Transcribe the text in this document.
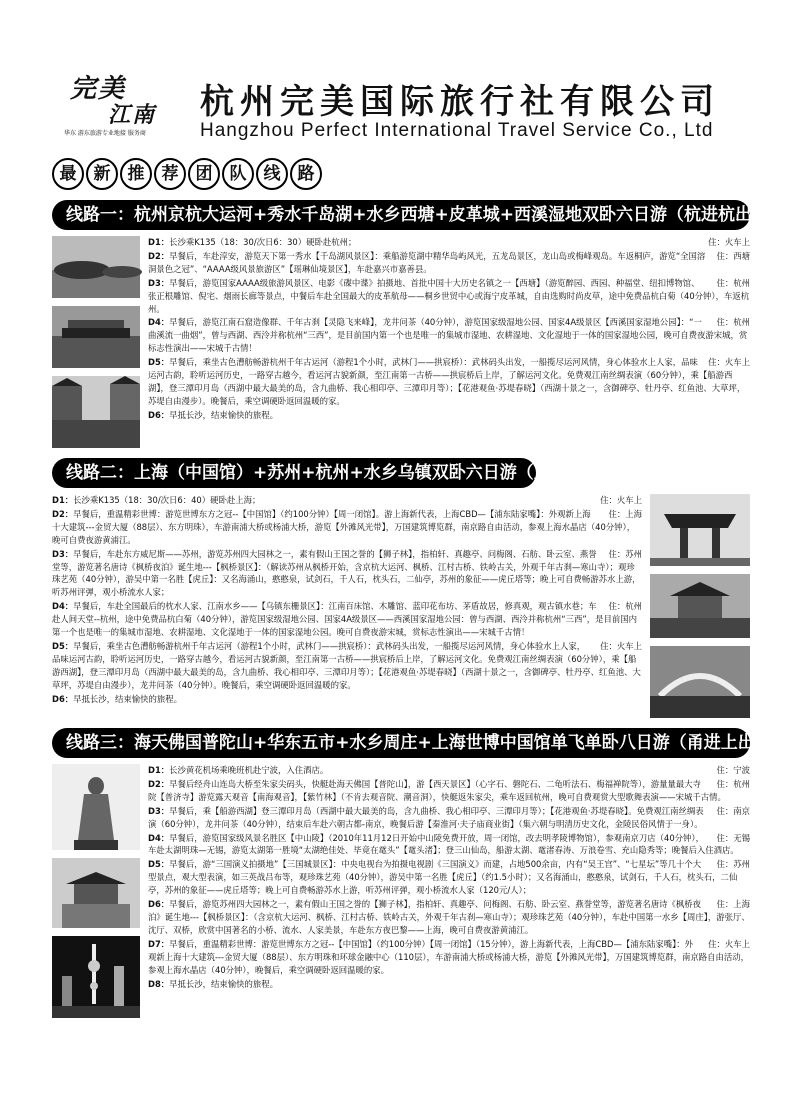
完美
江南
华东 游东旅游专业地接 服务商
杭州完美国际旅行社有限公司
Hangzhou Perfect International Travel Service Co., Ltd
最	新	推	荐	团	队	线	路
线路一：杭州京杭大运河+秀水千岛湖+水乡西塘+皮革城+西溪湿地双卧六日游（杭进杭出）
住：火车上
D1：长沙乘K135（18：30/次日6：30）硬卧赴杭州；
住：西塘
D2：早餐后，车赴淳安，游览天下第一秀水【千岛湖风景区】：乘船游览湖中精华岛屿风光，五龙岛景区，龙山岛或梅峰观岛。车返桐庐，游览“全国溶洞景色之冠”、“AAAA级风景旅游区”【瑶琳仙境景区】，车赴嘉兴市嘉善县。
住：杭州
D3：早餐后，游览国家AAAA级旅游风景区、电影《碟中谍》拍摄地、首批中国十大历史名镇之一【西塘】（游览醉园、西园、种福堂、纽扣博物馆、张正根雕馆、倪宅、烟雨长廊等景点，中餐后车赴全国最大的皮革航母——桐乡世贸中心或海宁皮革城，自由选购时尚皮草，途中免费品杭白菊（40分钟），车返杭州。
住：杭州
D4：早餐后，游览江南石窟造像群、千年古刹【灵隐飞来峰】，龙井问茶（40分钟），游览国家级湿地公园、国家4A级景区【西溪国家湿地公园】：“一曲溪流一曲烟”，曾与西湖、西泠并称杭州“三西”，是目前国内第一个也是唯一的集城市湿地、农耕湿地、文化湿地于一体的国家湿地公园，晚可自费夜游宋城，赏标志性演出——宋城千古情！
住：火车上
D5：早餐后，乘坐古色漕舫畅游杭州千年古运河（游程1个小时，武林门——拱宸桥）：武林码头出发，一船揽尽运河风情，身心体验水上人家，品味运河古韵，聆听运河历史，一路穿古越今，看运河古貌新颜，至江南第一古桥——拱宸桥后上岸，了解运河文化。免费观江南丝绸表演（60分钟），乘【船游西湖】，登三潭印月岛（西湖中最大最美的岛，含九曲桥、我心相印亭、三潭印月等）；【花港观鱼·苏堤春晓】（西湖十景之一，含御碑亭、牡丹亭、红鱼池、大草坪，苏堤自由漫步）。晚餐后，乘空调硬卧返回温暖的家。
D6：早抵长沙，结束愉快的旅程。
线路二：上海（中国馆）+苏州+杭州+水乡乌镇双卧六日游（上进杭出）
住：火车上
D1：长沙乘K135（18：30/次日6：40）硬卧赴上海；
住：上海
D2：早餐后，重温精彩世博：游览世博东方之冠--【中国馆】（约100分钟）【周一闭馆】。游上海新代表，上海CBD—【浦东陆家嘴】：外观新上海十大建筑---金贸大厦（88层）、东方明珠），车游南浦大桥或杨浦大桥，游览【外滩风光带】，万国建筑博览群，南京路自由活动，参观上海水晶店（40分钟），晚可自费夜游黄浦江。
住：苏州
D3：早餐后，车赴东方威尼斯——苏州，游览苏州四大园林之一，素有假山王国之誉的【狮子林】，指柏轩、真趣亭、问梅阁、石舫、卧云室、燕誉堂等，游览著名唐诗《枫桥夜泊》诞生地---【枫桥景区】：（解读苏州从枫桥开始，含京杭大运河、枫桥、江村古桥、铁岭古关，外观千年古刹—寒山寺）；观珍珠艺苑（40分钟），游吴中第一名胜【虎丘】：又名海涌山，憨憨泉，试剑石，千人石，枕头石，二仙亭，苏州的象征——虎丘塔等；晚上可自费畅游苏水上游，听苏州评弹，观小桥流水人家；
住：杭州
D4：早餐后，车赴全国最后的枕水人家、江南水乡——【乌镇东栅景区】：江南百床馆、木雕馆、蓝印花布坊、茅盾故居，修真观，观古镇水巷；车赴人间天堂--杭州，途中免费品杭白菊（40分钟），游览国家级湿地公园、国家4A级景区——西溪国家湿地公园：曾与西湖、西泠并称杭州“三西”，是目前国内第一个也是唯一的集城市湿地、农耕湿地、文化湿地于一体的国家湿地公园。晚可自费夜游宋城，赏标志性演出——宋城千古情！
住：火车上
D5：早餐后，乘坐古色漕舫畅游杭州千年古运河（游程1个小时，武林门——拱宸桥）：武林码头出发，一船揽尽运河风情，身心体验水上人家，品味运河古韵，聆听运河历史，一路穿古越今，看运河古貌新颜，至江南第一古桥——拱宸桥后上岸，了解运河文化。免费观江南丝绸表演（60分钟），乘【船游西湖】，登三潭印月岛（西湖中最大最美的岛，含九曲桥、我心相印亭、三潭印月等）；【花港观鱼·苏堤春晓】（西湖十景之一，含御碑亭、牡丹亭、红鱼池、大草坪，苏堤自由漫步），龙井问茶（40分钟）。晚餐后，乘空调硬卧返回温暖的家。
D6：早抵长沙，结束愉快的旅程。
线路三：海天佛国普陀山+华东五市+水乡周庄+上海世博中国馆单飞单卧八日游（甬进上出）
住：宁波
D1：长沙黄花机场乘晚班机赴宁波，入住酒店。
住：杭州
D2：早餐后经舟山连岛大桥至朱家尖码头，快艇赴海天佛国【普陀山】，游【西天景区】（心字石、磐陀石、二龟听法石、梅福禅院等），游量量最大寺院【普济寺】游览露天观音【南海观音】，【紫竹林】（不肯去观音院、潮音洞），快艇返朱家尖，乘车返回杭州，晚可自费观赏大型歌舞表演——宋城千古情。
住：南京
D3：早餐后，乘【船游西湖】登三潭印月岛（西湖中最大最美的岛，含九曲桥、我心相印亭、三潭印月等）；【花港观鱼·苏堤春晓】。免费观江南丝绸表演（60分钟），龙井问茶（40分钟），结束后车赴六朝古都-南京，晚餐后游【秦淮河·夫子庙商业街】（集六朝与明清历史文化，金陵民俗风情于一身）。
住：无锡
D4：早餐后，游览国家级风景名胜区【中山陵】（2010年11月12日开始中山陵免费开放，周一闭馆，改去明孝陵博物馆），参观南京刀店（40分钟），车赴太湖明珠—无锡，游览太湖第一胜境“太湖绝佳处、毕竟在鼋头”【鼋头渚】；登三山仙岛，船游太湖、鼋渚春涛、万浪卷雪、充山隐秀等；晚餐后入住酒店。
住：苏州
D5：早餐后，游“三国演义拍摄地”【三国城景区】：中央电视台为拍摄电视剧《三国演义》而建，占地500余亩，内有“吴王宫”、“七星坛”等几十个大型景点，观大型表演，如三英战吕布等，观珍珠艺苑（40分钟），游吴中第一名胜【虎丘】（约1.5小时）；又名海涌山，憨憨泉，试剑石，千人石，枕头石，二仙亭，苏州的象征——虎丘塔等；晚上可自费畅游苏水上游，听苏州评弹，观小桥流水人家（120元/人）；
住：上海
D6：早餐后，游览苏州四大园林之一，素有假山王国之誉的【狮子林】，指柏轩、真趣亭、问梅阁、石舫、卧云室、燕誉堂等，游览著名唐诗《枫桥夜泊》诞生地---【枫桥景区】：（含京杭大运河、枫桥、江村古桥、铁岭古关，外观千年古刹—寒山寺）；观珍珠艺苑（40分钟），车赴中国第一水乡【周庄】，游张厅、沈厅、双桥，欣赏中国著名的小桥、流水、人家美景，车赴东方夜巴黎——上海，晚可自费夜游黄浦江。
住：火车上
D7：早餐后，重温精彩世博：游览世博东方之冠--【中国馆】（约100分钟）【周一闭馆】（15分钟），游上海新代表，上海CBD—【浦东陆家嘴】：外观新上海十大建筑---金贸大厦（88层）、东方明珠和环球金融中心（110层），车游南浦大桥或杨浦大桥，游览【外滩风光带】，万国建筑博览群，南京路自由活动，参观上海水晶店（40分钟），晚餐后，乘空调硬卧返回温暖的家。
D8：早抵长沙，结束愉快的旅程。
